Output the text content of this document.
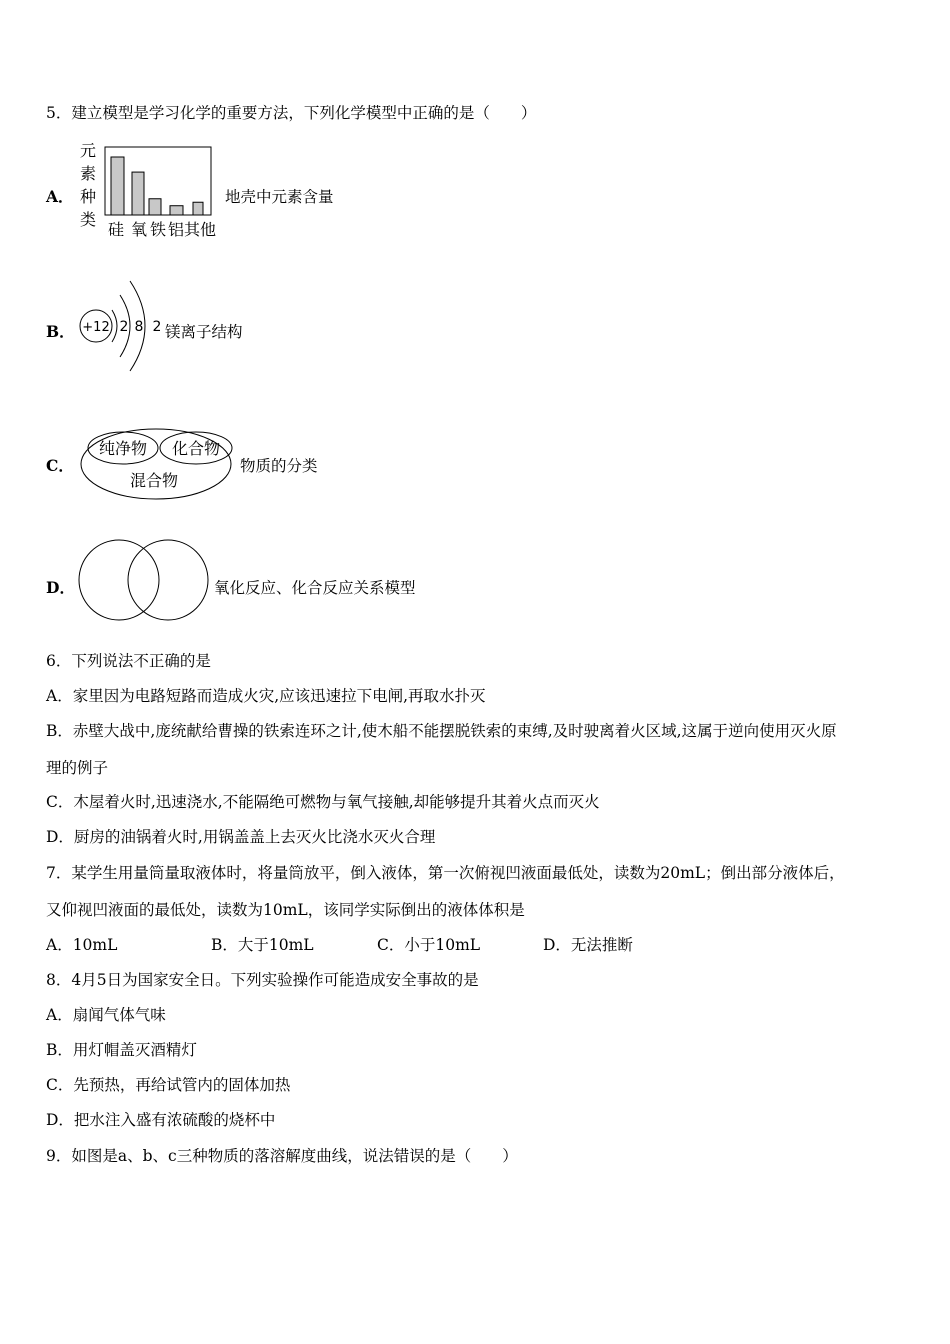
5．建立模型是学习化学的重要方法，下列化学模型中正确的是（　　）
A．
元
素
种
类
硅 氧 铁 铝 其他
地壳中元素含量
B． +12 2 8 2 镁离子结构
C．
纯净物 化合物
混合物
物质的分类
D．	氧化反应、化合反应关系模型
6．下列说法不正确的是
A．家里因为电路短路而造成火灾,应该迅速拉下电闸,再取水扑灭
B．赤壁大战中,庞统献给曹操的铁索连环之计,使木船不能摆脱铁索的束缚,及时驶离着火区域,这属于逆向使用灭火原
理的例子
C．木屋着火时,迅速浇水,不能隔绝可燃物与氧气接触,却能够提升其着火点而灭火
D．厨房的油锅着火时,用锅盖盖上去灭火比浇水灭火合理
7．某学生用量筒量取液体时，将量筒放平，倒入液体，第一次俯视凹液面最低处，读数为20mL；倒出部分液体后，
又仰视凹液面的最低处，读数为10mL，该同学实际倒出的液体体积是
A．10mL	B．大于10mL	C．小于10mL	D．无法推断
8．4月5日为国家安全日。下列实验操作可能造成安全事故的是
A．扇闻气体气味
B．用灯帽盖灭酒精灯
C．先预热，再给试管内的固体加热
D．把水注入盛有浓硫酸的烧杯中
9．如图是a、b、c三种物质的落溶解度曲线，说法错误的是（　　）
